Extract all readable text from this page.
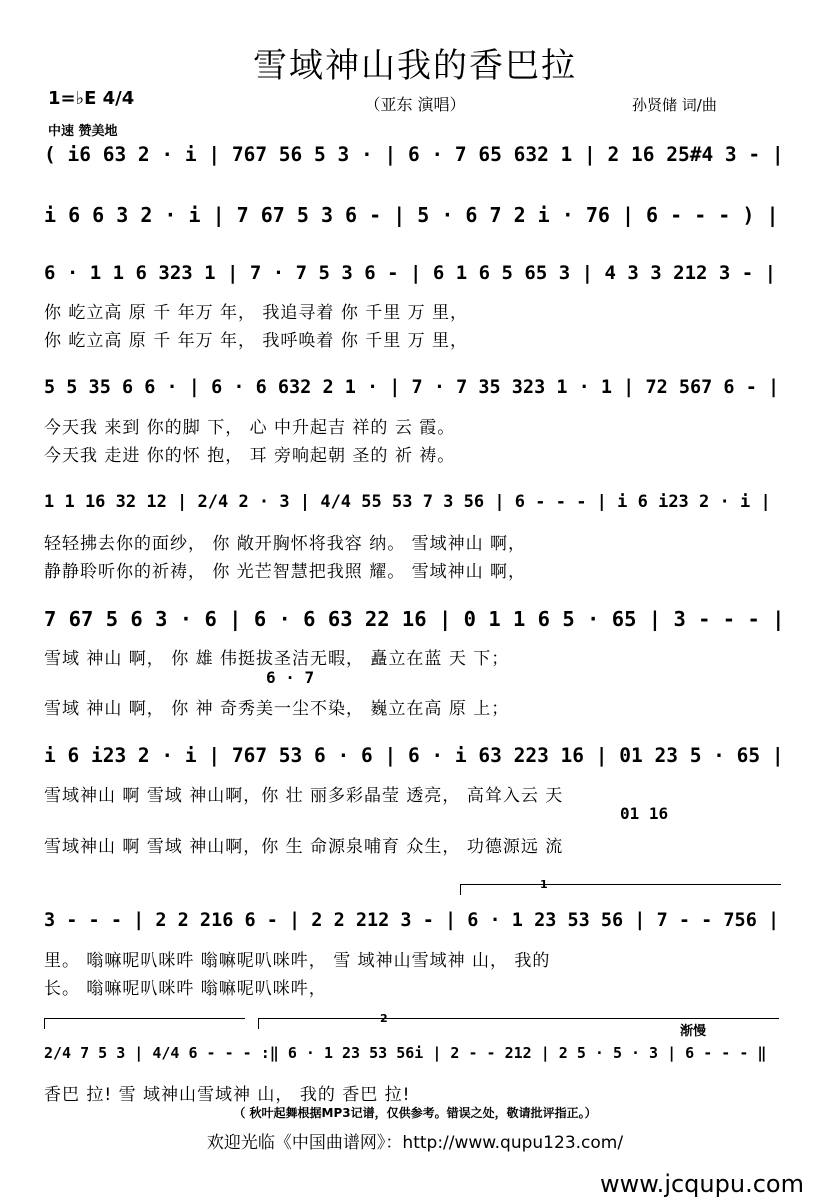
雪域神山我的香巴拉
（亚东 演唱）
1=♭E 4/4
中速 赞美地
孙贤储 词/曲
( i6 63 2 · i | 767 56 5 3 · | 6 · 7 65 632 1 | 2 16 25#4 3 - |
i 6 6 3 2 · i | 7 67 5 3 6 - | 5 · 6 7 2 i · 76 | 6 - - - ) |
6 · 1 1 6 323 1 | 7 · 7 5 3 6 - | 6 1 6 5 65 3 | 4 3 3 212 3 - |
你 屹立高 原 千 年万 年， 我追寻着 你 千里 万 里，
你 屹立高 原 千 年万 年， 我呼唤着 你 千里 万 里，
5 5 35 6 6 · | 6 · 6 632 2 1 · | 7 · 7 35 323 1 · 1 | 72 567 6 - |
今天我 来到 你的脚 下， 心 中升起吉 祥的 云 霞。
今天我 走进 你的怀 抱， 耳 旁响起朝 圣的 祈 祷。
1 1 16 32 12 | 2/4 2 · 3 | 4/4 55 53 7 3 56 | 6 - - - | i 6 i23 2 · i |
轻轻拂去你的面纱， 你 敞开胸怀将我容 纳。 雪域神山 啊，
静静聆听你的祈祷， 你 光芒智慧把我照 耀。 雪域神山 啊，
7 67 5 6 3 · 6 | 6 · 6 63 22 16 | 0 1 1 6 5 · 65 | 3 - - - |
雪域 神山 啊， 你 雄 伟挺拔圣洁无暇， 矗立在蓝 天 下；
6 · 7
雪域 神山 啊， 你 神 奇秀美一尘不染， 巍立在高 原 上；
i 6 i23 2 · i | 767 53 6 · 6 | 6 · i 63 223 16 | 01 23 5 · 65 |
雪域神山 啊 雪域 神山啊，你 壮 丽多彩晶莹 透亮， 高耸入云 天
01 16
雪域神山 啊 雪域 神山啊，你 生 命源泉哺育 众生， 功德源远 流
1
3 - - - | 2 2 216 6 - | 2 2 212 3 - | 6 · 1 23 53 56 | 7 - - 756 |
里。 嗡嘛呢叭咪吽 嗡嘛呢叭咪吽， 雪 域神山雪域神 山， 我的
长。 嗡嘛呢叭咪吽 嗡嘛呢叭咪吽，
2
渐慢
2/4 7 5 3 | 4/4 6 - - - :‖ 6 · 1 23 53 56i | 2 - - 212 | 2 5 · 5 · 3 | 6 - - - ‖
香巴 拉! 雪 域神山雪域神 山， 我的 香巴 拉!
（ 秋叶起舞根据MP3记谱，仅供参考。错误之处，敬请批评指正。）
欢迎光临《中国曲谱网》：http://www.qupu123.com/
www.jcqupu.com
